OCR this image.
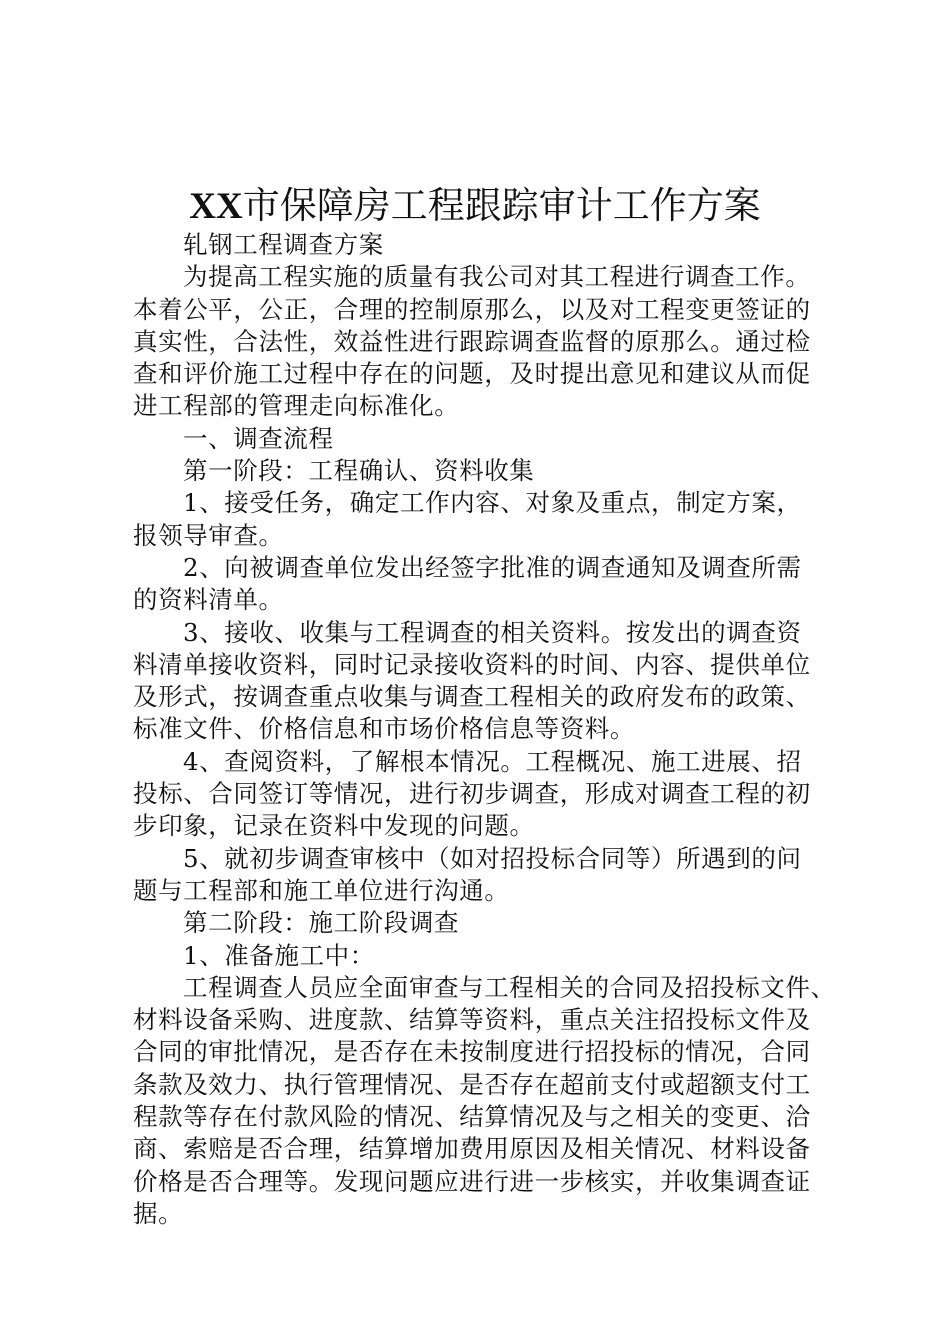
XX市保障房工程跟踪审计工作方案
轧钢工程调查方案
为提高工程实施的质量有我公司对其工程进行调查工作。
本着公平，公正，合理的控制原那么，以及对工程变更签证的
真实性，合法性，效益性进行跟踪调查监督的原那么。通过检
查和评价施工过程中存在的问题，及时提出意见和建议从而促
进工程部的管理走向标准化。
一、调查流程
第一阶段：工程确认、资料收集
1、接受任务，确定工作内容、对象及重点，制定方案，
报领导审查。
2、向被调查单位发出经签字批准的调查通知及调查所需
的资料清单。
3、接收、收集与工程调查的相关资料。按发出的调查资
料清单接收资料，同时记录接收资料的时间、内容、提供单位
及形式，按调查重点收集与调查工程相关的政府发布的政策、
标准文件、价格信息和市场价格信息等资料。
4、查阅资料，了解根本情况。工程概况、施工进展、招
投标、合同签订等情况，进行初步调查，形成对调查工程的初
步印象，记录在资料中发现的问题。
5、就初步调查审核中（如对招投标合同等）所遇到的问
题与工程部和施工单位进行沟通。
第二阶段：施工阶段调查
1、准备施工中：
工程调查人员应全面审查与工程相关的合同及招投标文件、
材料设备采购、进度款、结算等资料，重点关注招投标文件及
合同的审批情况，是否存在未按制度进行招投标的情况，合同
条款及效力、执行管理情况、是否存在超前支付或超额支付工
程款等存在付款风险的情况、结算情况及与之相关的变更、洽
商、索赔是否合理，结算增加费用原因及相关情况、材料设备
价格是否合理等。发现问题应进行进一步核实，并收集调查证
据。
